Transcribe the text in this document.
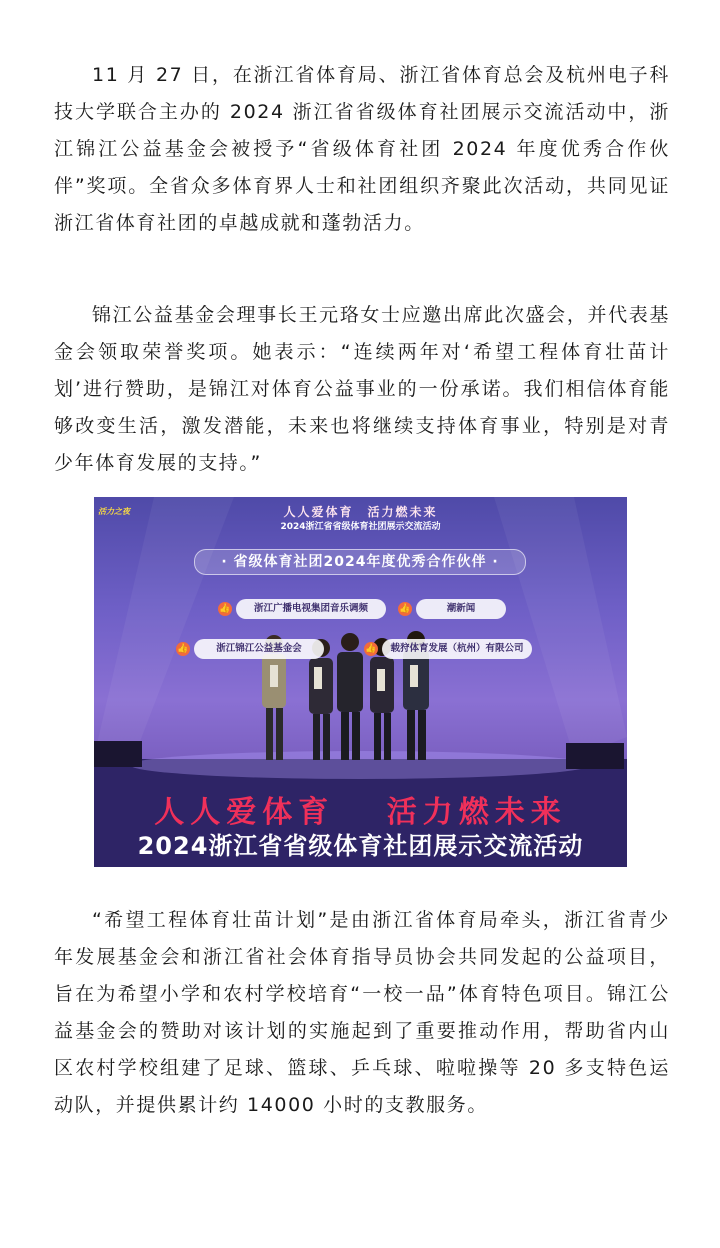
11 月 27 日，在浙江省体育局、浙江省体育总会及杭州电子科技大学联合主办的 2024 浙江省省级体育社团展示交流活动中，浙江锦江公益基金会被授予“省级体育社团 2024 年度优秀合作伙伴”奖项。全省众多体育界人士和社团组织齐聚此次活动，共同见证浙江省体育社团的卓越成就和蓬勃活力。

锦江公益基金会理事长王元珞女士应邀出席此次盛会，并代表基金会领取荣誉奖项。她表示：“连续两年对‘希望工程体育壮苗计划’进行赞助，是锦江对体育公益事业的一份承诺。我们相信体育能够改变生活，激发潜能，未来也将继续支持体育事业，特别是对青少年体育发展的支持。”

活力之夜	人人爱体育　活力燃未来
2024浙江省省级体育社团展示交流活动
· 省级体育社团2024年度优秀合作伙伴 ·
👍	浙江广播电视集团音乐调频	👍	潮新闻
👍	浙江锦江公益基金会	👍	载狩体育发展（杭州）有限公司
人人爱体育　 活力燃未来
2024浙江省省级体育社团展示交流活动

“希望工程体育壮苗计划”是由浙江省体育局牵头，浙江省青少年发展基金会和浙江省社会体育指导员协会共同发起的公益项目，旨在为希望小学和农村学校培育“一校一品”体育特色项目。锦江公益基金会的赞助对该计划的实施起到了重要推动作用，帮助省内山区农村学校组建了足球、篮球、乒乓球、啦啦操等 20 多支特色运动队，并提供累计约 14000 小时的支教服务。
